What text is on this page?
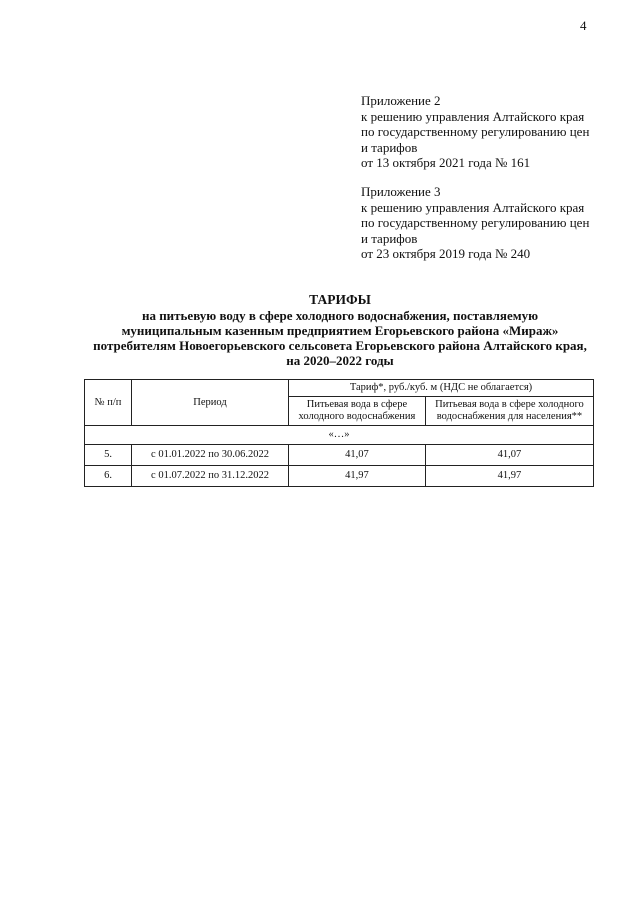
4
Приложение 2
к решению управления Алтайского края
по государственному регулированию цен
и тарифов
от 13 октября 2021 года № 161
Приложение 3
к решению управления Алтайского края
по государственному регулированию цен
и тарифов
от 23 октября 2019 года № 240
ТАРИФЫ
на питьевую воду в сфере холодного водоснабжения, поставляемую
муниципальным казенным предприятием Егорьевского района «Мираж»
потребителям Новоегорьевского сельсовета Егорьевского района Алтайского края,
на 2020–2022 годы
№ п/п	Период	Тариф*, руб./куб. м (НДС не облагается)	
		Питьевая вода в сфере холодного водоснабжения	Питьевая вода в сфере холодного водоснабжения для населения**
«…»			
5.	с 01.01.2022 по 30.06.2022	41,07	41,07
6.	с 01.07.2022 по 31.12.2022	41,97	41,97
